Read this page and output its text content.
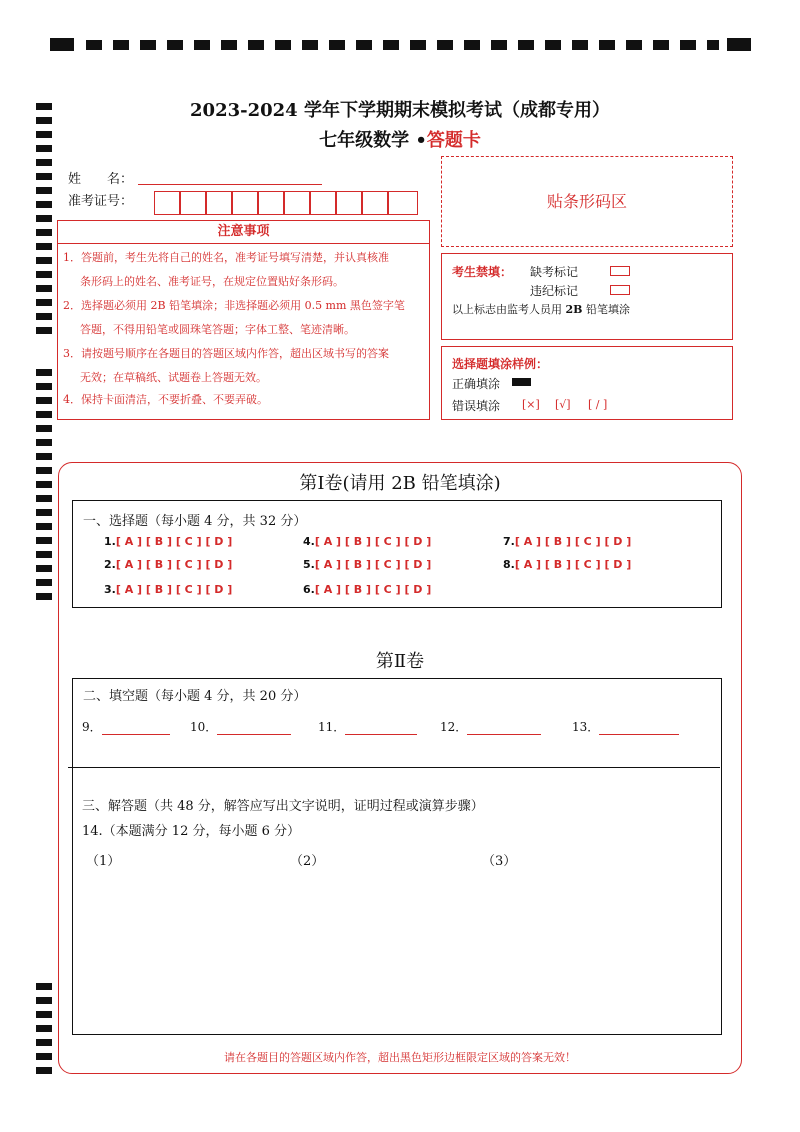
2023-2024 学年下学期期末模拟考试（成都专用）
七年级数学 •答题卡
姓　　名：
准考证号：	贴条形码区
注意事项
1．答题前，考生先将自己的姓名，准考证号填写清楚，并认真核准
条形码上的姓名、准考证号，在规定位置贴好条形码。
2．选择题必须用 2B 铅笔填涂；非选择题必须用 0.5 mm 黑色签字笔
答题，不得用铅笔或圆珠笔答题；字体工整、笔迹清晰。
3．请按题号顺序在各题目的答题区域内作答，超出区域书写的答案
无效；在草稿纸、试题卷上答题无效。
4．保持卡面清洁，不要折叠、不要弄破。
考生禁填： 缺考标记
违纪标记
以上标志由监考人员用 2B 铅笔填涂
选择题填涂样例：
正确填涂
错误填涂 [×] [√] [ / ]
第Ⅰ卷(请用 2B 铅笔填涂)
一、选择题（每小题 4 分，共 32 分）
1.[ A ] [ B ] [ C ] [ D ]
2.[ A ] [ B ] [ C ] [ D ]
3.[ A ] [ B ] [ C ] [ D ]
4.[ A ] [ B ] [ C ] [ D ]
5.[ A ] [ B ] [ C ] [ D ]
6.[ A ] [ B ] [ C ] [ D ]
7.[ A ] [ B ] [ C ] [ D ]
8.[ A ] [ B ] [ C ] [ D ]
第Ⅱ卷
二、填空题（每小题 4 分，共 20 分）
9．	10．	11．	12．	13．
三、解答题（共 48 分，解答应写出文字说明，证明过程或演算步骤）
14.（本题满分 12 分，每小题 6 分）
（1）	（2）	（3）
请在各题目的答题区域内作答，超出黑色矩形边框限定区域的答案无效！
